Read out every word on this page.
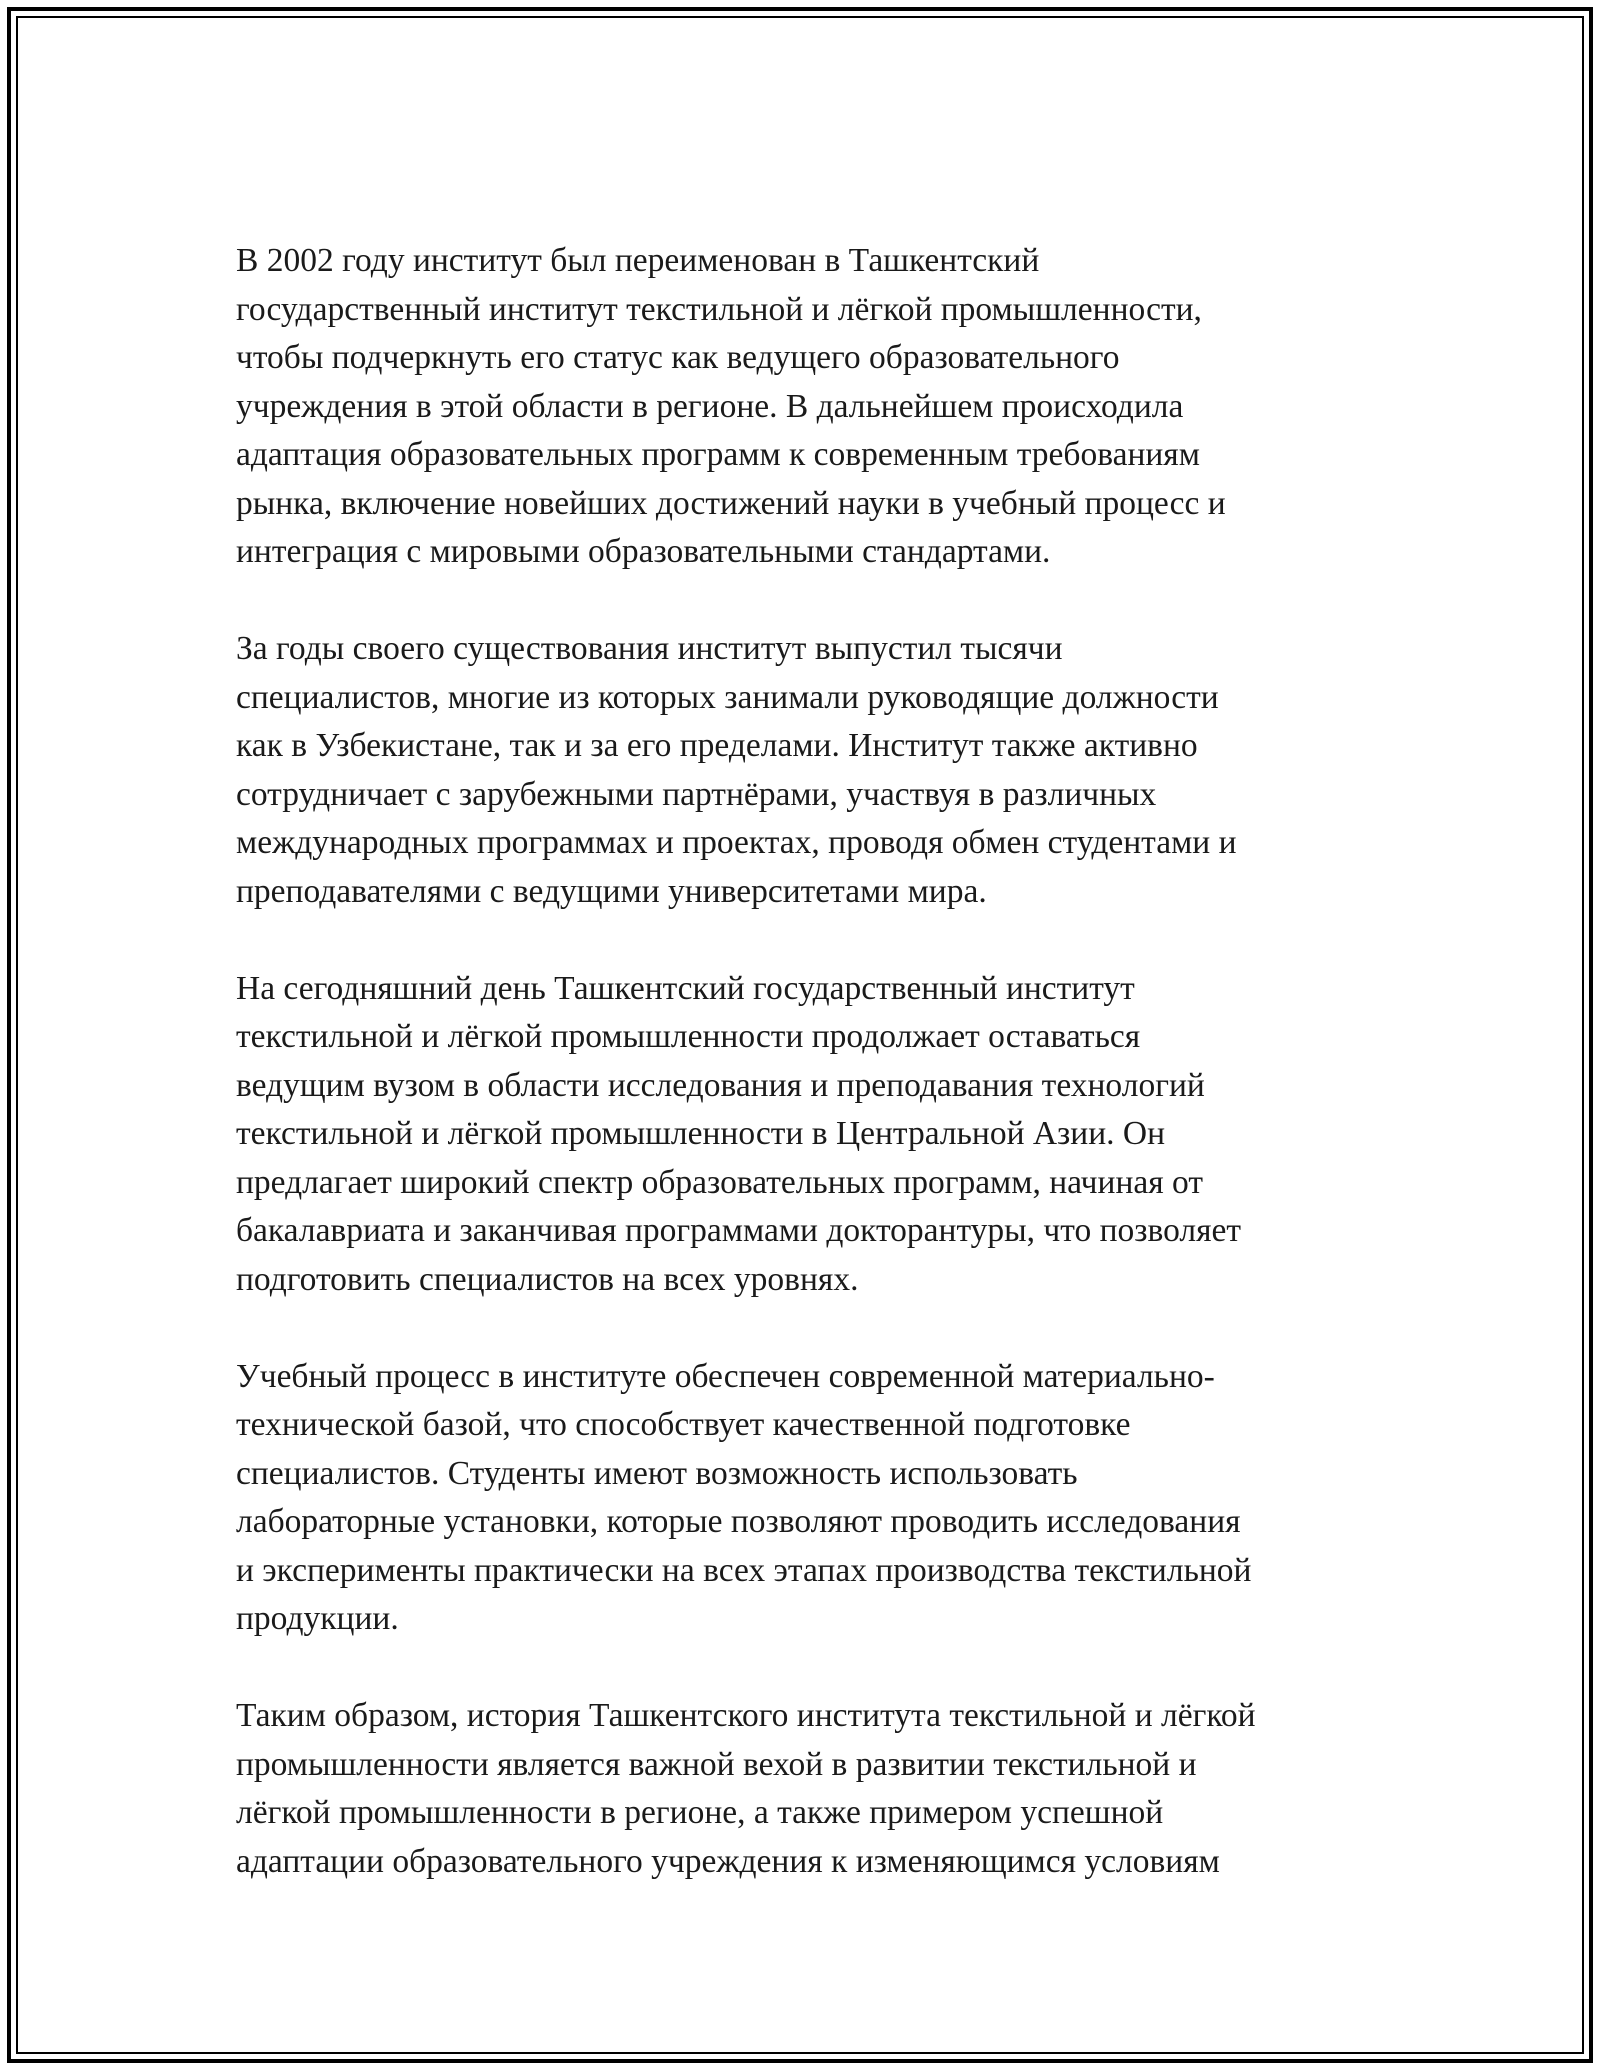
В 2002 году институт был переименован в Ташкентский
государственный институт текстильной и лёгкой промышленности,
чтобы подчеркнуть его статус как ведущего образовательного
учреждения в этой области в регионе. В дальнейшем происходила
адаптация образовательных программ к современным требованиям
рынка, включение новейших достижений науки в учебный процесс и
интеграция с мировыми образовательными стандартами.

За годы своего существования институт выпустил тысячи
специалистов, многие из которых занимали руководящие должности
как в Узбекистане, так и за его пределами. Институт также активно
сотрудничает с зарубежными партнёрами, участвуя в различных
международных программах и проектах, проводя обмен студентами и
преподавателями с ведущими университетами мира.

На сегодняшний день Ташкентский государственный институт
текстильной и лёгкой промышленности продолжает оставаться
ведущим вузом в области исследования и преподавания технологий
текстильной и лёгкой промышленности в Центральной Азии. Он
предлагает широкий спектр образовательных программ, начиная от
бакалавриата и заканчивая программами докторантуры, что позволяет
подготовить специалистов на всех уровнях.

Учебный процесс в институте обеспечен современной материально-
технической базой, что способствует качественной подготовке
специалистов. Студенты имеют возможность использовать
лабораторные установки, которые позволяют проводить исследования
и эксперименты практически на всех этапах производства текстильной
продукции.

Таким образом, история Ташкентского института текстильной и лёгкой
промышленности является важной вехой в развитии текстильной и
лёгкой промышленности в регионе, а также примером успешной
адаптации образовательного учреждения к изменяющимся условиям
